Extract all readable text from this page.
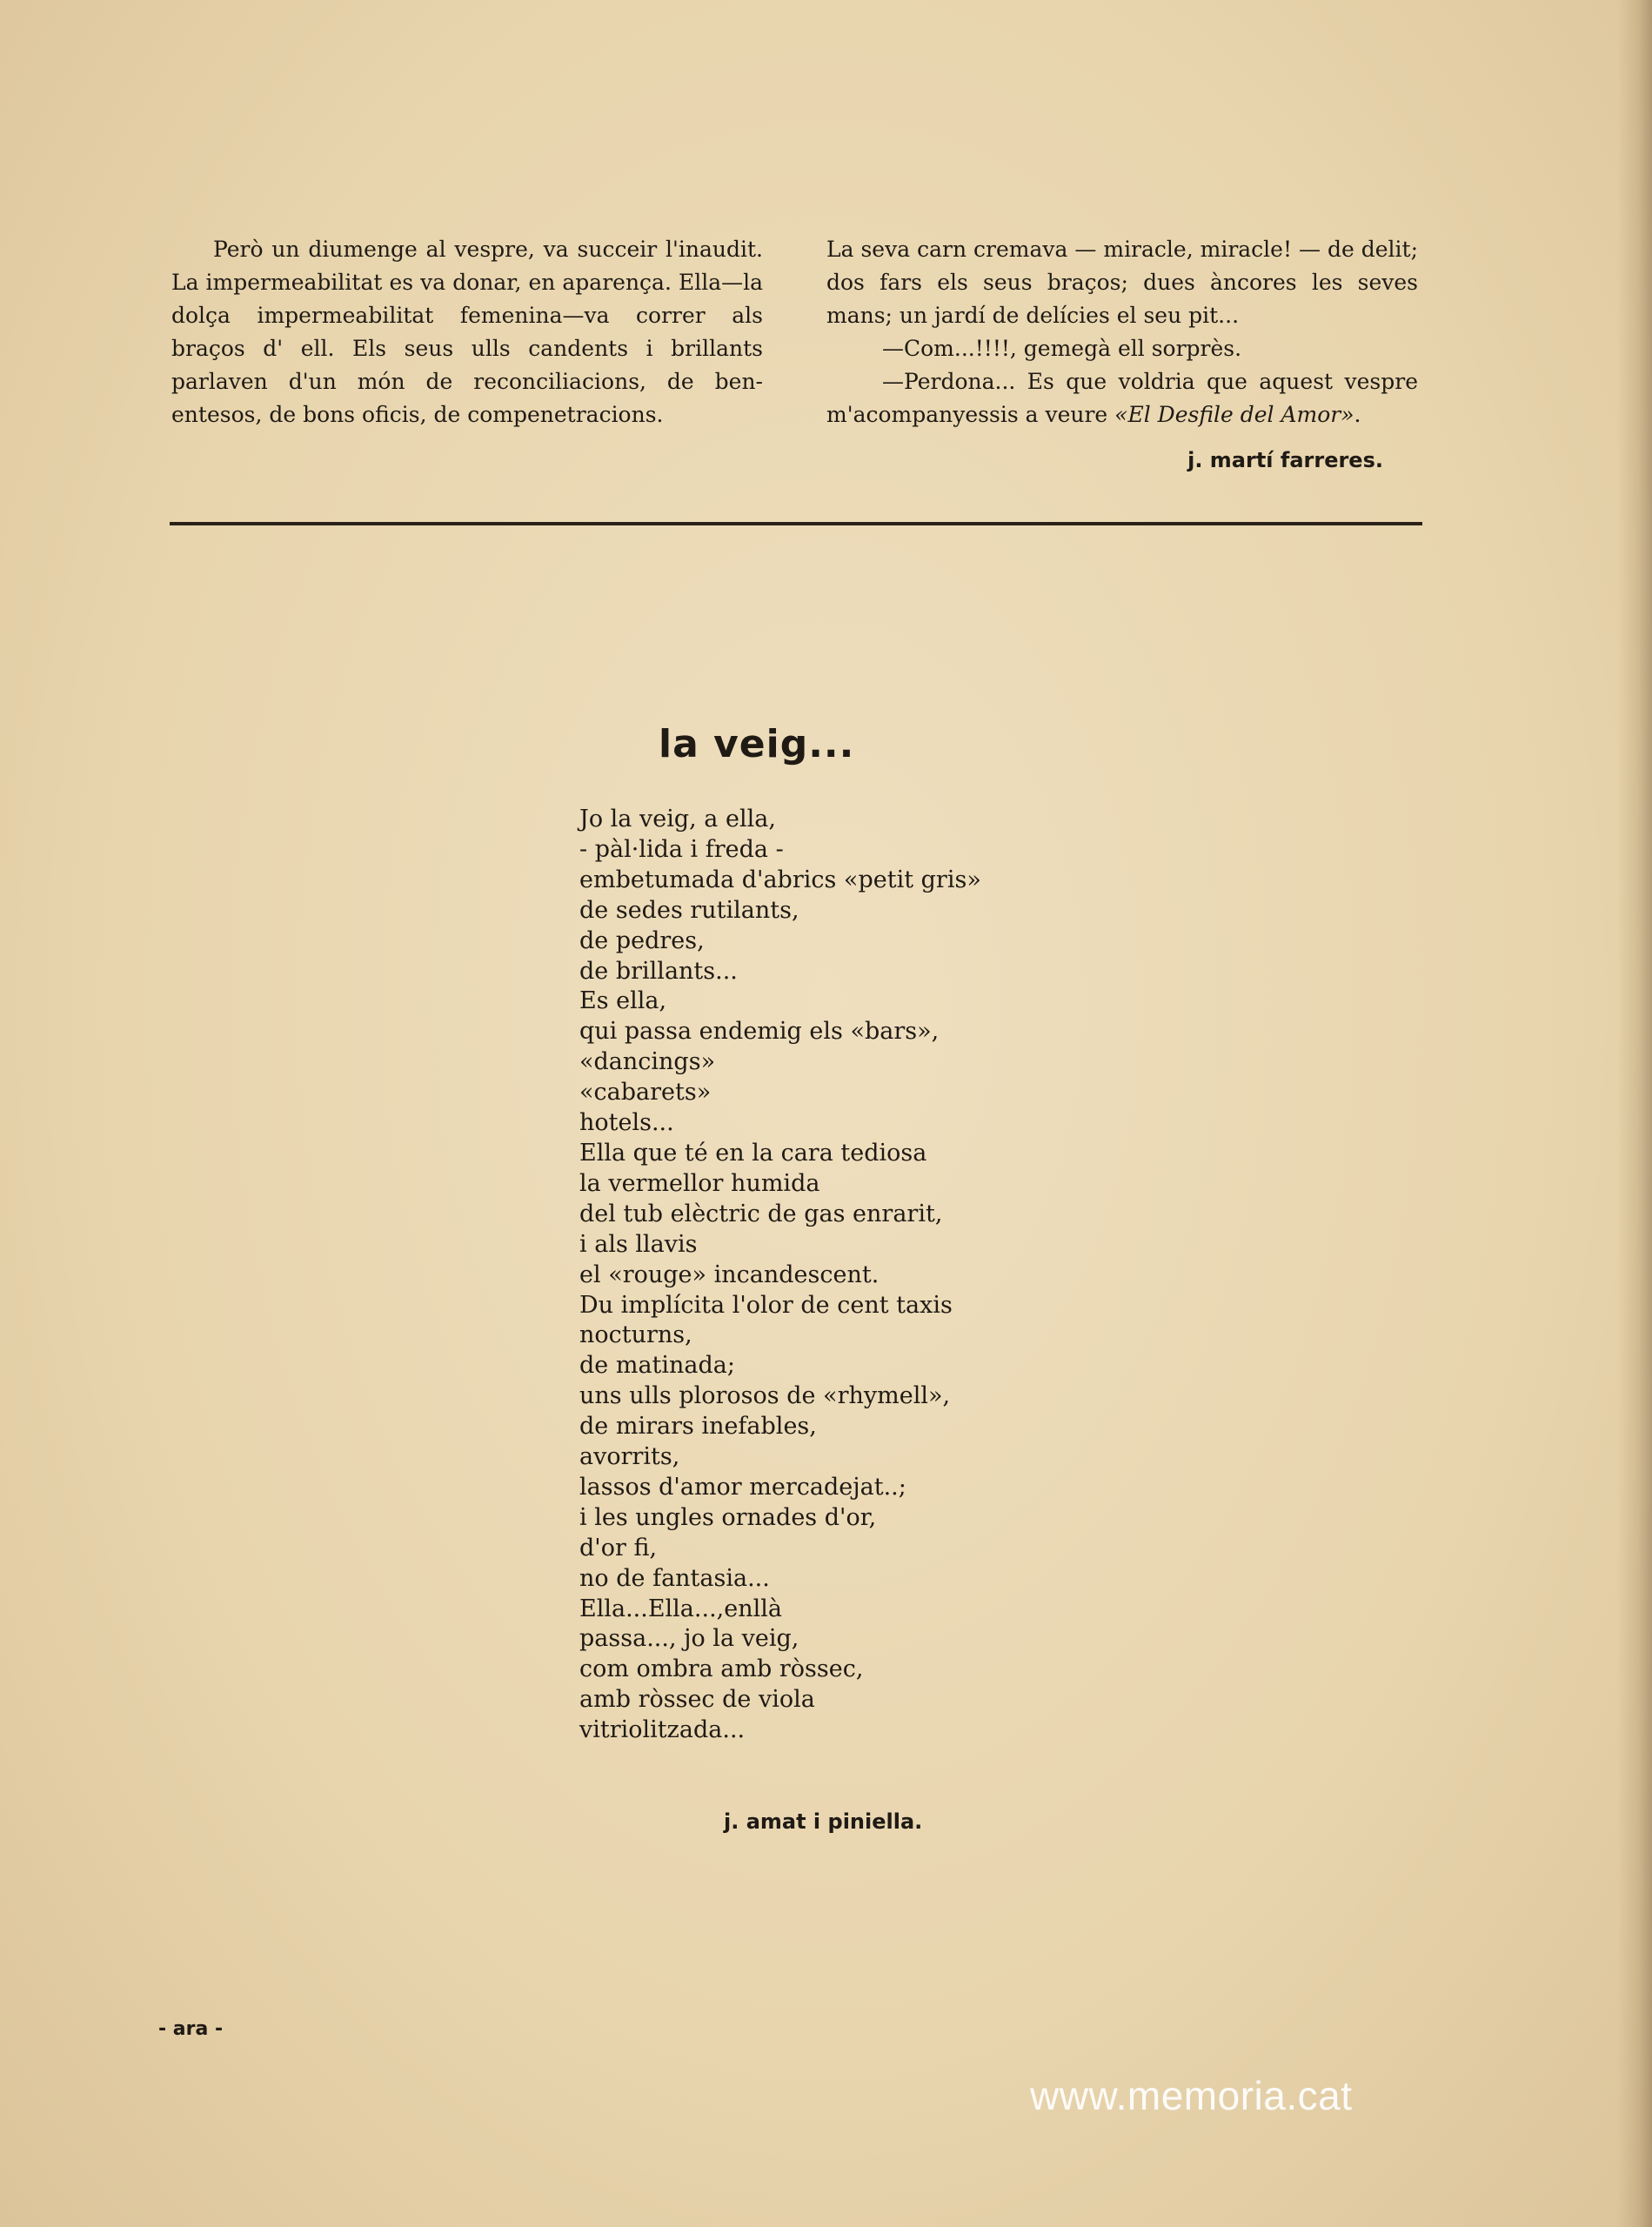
Però un diumenge al vespre, va succeir l'inaudit. La impermeabilitat es va donar, en aparença. Ella—la dolça impermeabilitat femenina—va correr als braços d' ell. Els seus ulls candents i brillants parlaven d'un món de reconciliacions, de ben-entesos, de bons oficis, de compenetracions.

La seva carn cremava — miracle, miracle! — de delit; dos fars els seus braços; dues àncores les seves mans; un jardí de delícies el seu pit...

—Com...!!!!, gemegà ell sorprès.

—Perdona... Es que voldria que aquest vespre m'acompanyessis a veure «El Desfile del Amor».

j. martí farreres.
la veig...
Jo la veig, a ella,
- pàl·lida i freda -
embetumada d'abrics «petit gris»
de sedes rutilants,
de pedres,
de brillants...
Es ella,
qui passa endemig els «bars»,
«dancings»
«cabarets»
hotels...
Ella que té en la cara tediosa
la vermellor humida
del tub elèctric de gas enrarit,
i als llavis
el «rouge» incandescent.
Du implícita l'olor de cent taxis
nocturns,
de matinada;
uns ulls plorosos de «rhymell»,
de mirars inefables,
avorrits,
lassos d'amor mercadejat..;
i les ungles ornades d'or,
d'or fi,
no de fantasia...
Ella...Ella...,enllà
passa..., jo la veig,
com ombra amb ròssec,
amb ròssec de viola
vitriolitzada...
j. amat i piniella.
- ara -
www.memoria.cat
